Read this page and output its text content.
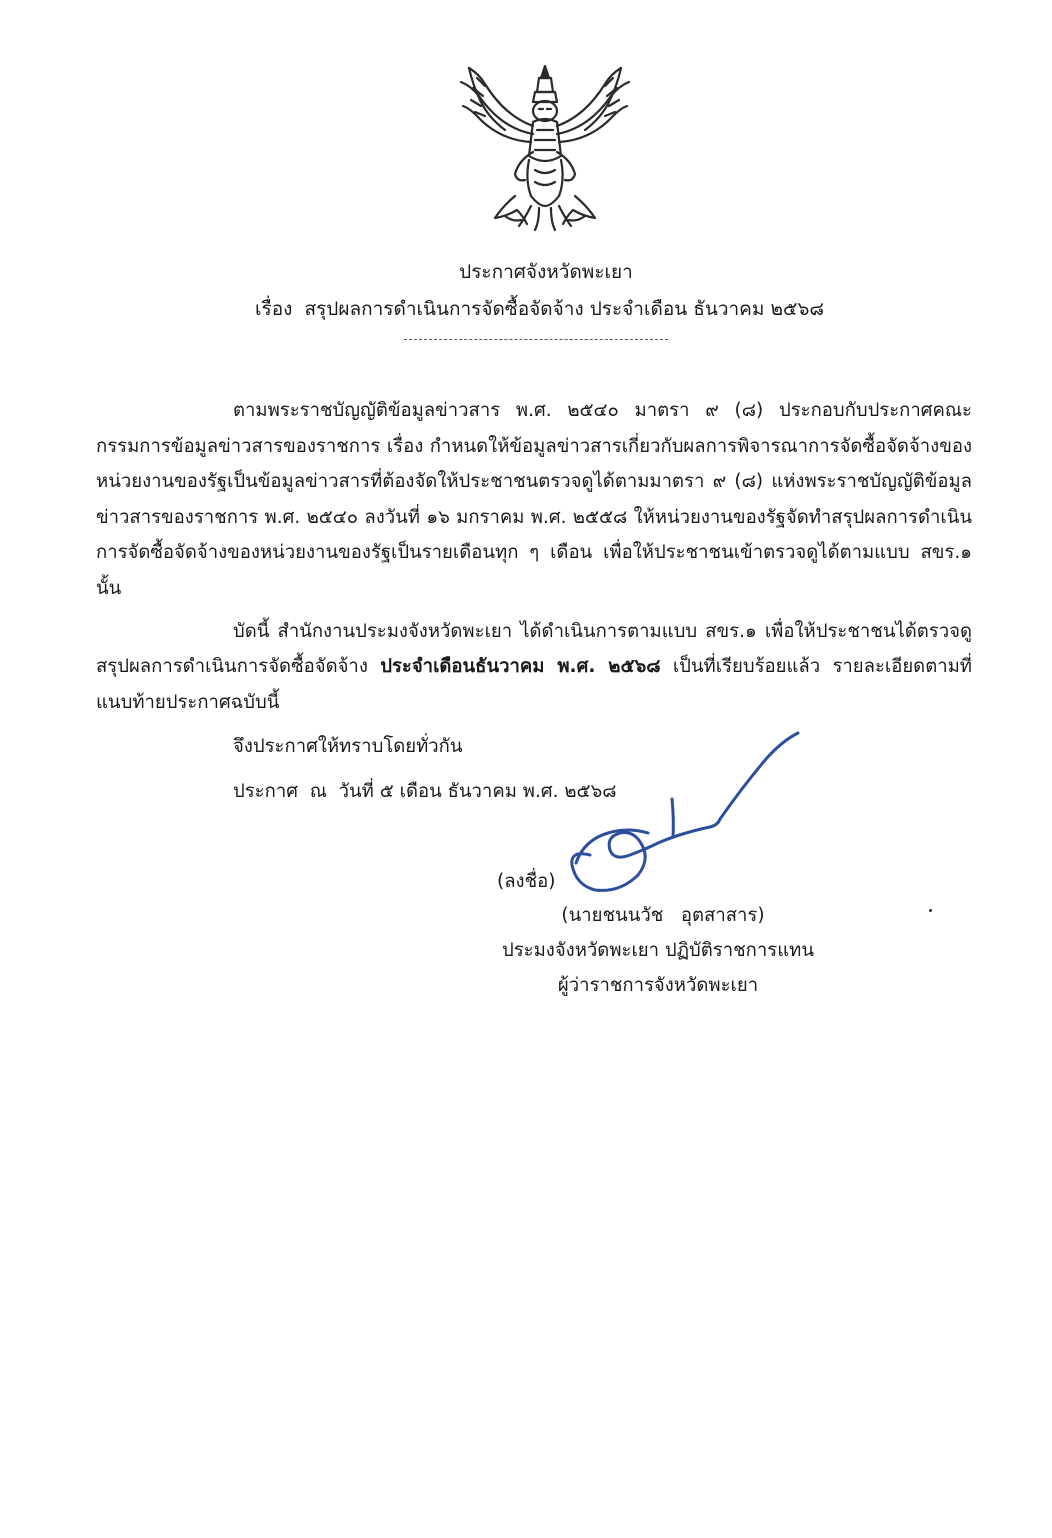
ประกาศจังหวัดพะเยา
เรื่อง  สรุปผลการดำเนินการจัดซื้อจัดจ้าง ประจำเดือน ธันวาคม ๒๕๖๘

ตามพระราชบัญญัติข้อมูลข่าวสาร พ.ศ. ๒๕๔๐ มาตรา ๙ (๘) ประกอบกับประกาศคณะกรรมการข้อมูลข่าวสารของราชการ เรื่อง กำหนดให้ข้อมูลข่าวสารเกี่ยวกับผลการพิจารณาการจัดซื้อจัดจ้างของหน่วยงานของรัฐเป็นข้อมูลข่าวสารที่ต้องจัดให้ประชาชนตรวจดูได้ตามมาตรา ๙ (๘) แห่งพระราชบัญญัติข้อมูลข่าวสารของราชการ พ.ศ. ๒๕๔๐ ลงวันที่ ๑๖ มกราคม พ.ศ. ๒๕๕๘ ให้หน่วยงานของรัฐจัดทำสรุปผลการดำเนินการจัดซื้อจัดจ้างของหน่วยงานของรัฐเป็นรายเดือนทุก ๆ เดือน เพื่อให้ประชาชนเข้าตรวจดูได้ตามแบบ สขร.๑ นั้น

บัดนี้ สำนักงานประมงจังหวัดพะเยา ได้ดำเนินการตามแบบ สขร.๑ เพื่อให้ประชาชนได้ตรวจดูสรุปผลการดำเนินการจัดซื้อจัดจ้าง ประจำเดือนธันวาคม พ.ศ. ๒๕๖๘ เป็นที่เรียบร้อยแล้ว รายละเอียดตามที่แนบท้ายประกาศฉบับนี้

จึงประกาศให้ทราบโดยทั่วกัน
ประกาศ  ณ  วันที่ ๕ เดือน ธันวาคม พ.ศ. ๒๕๖๘
(ลงชื่อ)
(นายชนนวัช   อุตสาสาร)
ประมงจังหวัดพะเยา ปฏิบัติราชการแทน
ผู้ว่าราชการจังหวัดพะเยา
